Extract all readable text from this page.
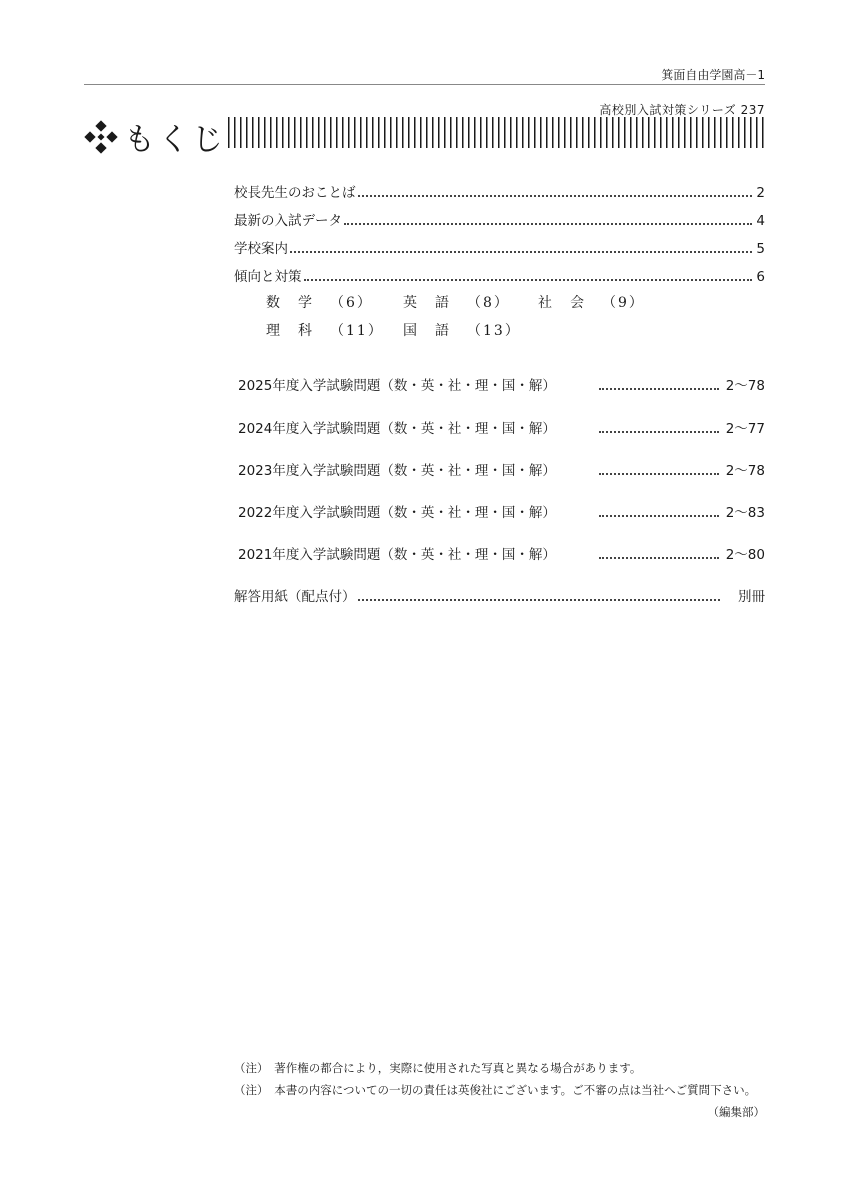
箕面自由学園高－1
高校別入試対策シリーズ 237
もくじ
校長先生のおことば	2
最新の入試データ	4
学校案内	5
傾向と対策	6
数　学 （6） 英　語 （8） 社　会 （9）
理　科 （11） 国　語 （13）
2025年度入学試験問題（数・英・社・理・国・解）	2～78
2024年度入学試験問題（数・英・社・理・国・解）	2～77
2023年度入学試験問題（数・英・社・理・国・解）	2～78
2022年度入学試験問題（数・英・社・理・国・解）	2～83
2021年度入学試験問題（数・英・社・理・国・解）	2～80
解答用紙（配点付）	別冊
（注）　著作権の都合により，実際に使用された写真と異なる場合があります。
（注）　本書の内容についての一切の責任は英俊社にございます。ご不審の点は当社へご質問下さい。
（編集部）
